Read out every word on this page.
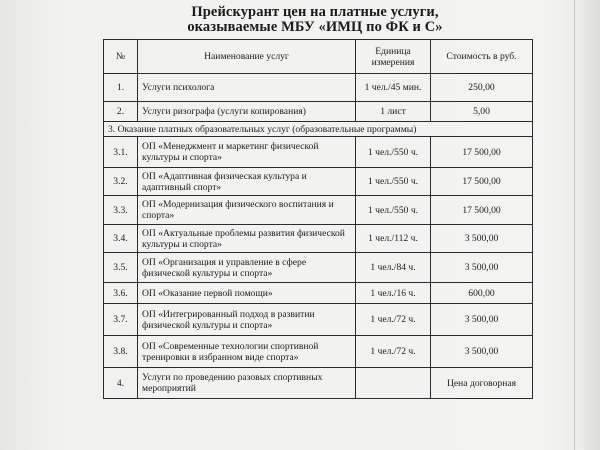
Прейскурант цен на платные услуги,
оказываемые МБУ «ИМЦ по ФК и С»
№	Наименование услуг	Единица измерения	Стоимость в руб.
1.	Услуги психолога	1 чел./45 мин.	250,00
2.	Услуги ризографа (услуги копирования)	1 лист	5,00
3. Оказание платных образовательных услуг (образовательные программы)			
3.1.	ОП «Менеджмент и маркетинг физической культуры и спорта»	1 чел./550 ч.	17 500,00
3.2.	ОП «Адаптивная физическая культура и адаптивный спорт»	1 чел./550 ч.	17 500,00
3.3.	ОП «Модернизация физического воспитания и спорта»	1 чел./550 ч.	17 500,00
3.4.	ОП «Актуальные проблемы развития физической культуры и спорта»	1 чел./112 ч.	3 500,00
3.5.	ОП «Организация и управление в сфере физической культуры и спорта»	1 чел./84 ч.	3 500,00
3.6.	ОП «Оказание первой помощи»	1 чел./16 ч.	600,00
3.7.	ОП «Интегрированный подход в развитии физической культуры и спорта»	1 чел./72 ч.	3 500,00
3.8.	ОП «Современные технологии спортивной тренировки в избранном виде спорта»	1 чел./72 ч.	3 500,00
4.	Услуги по проведению разовых спортивных мероприятий		Цена договорная
